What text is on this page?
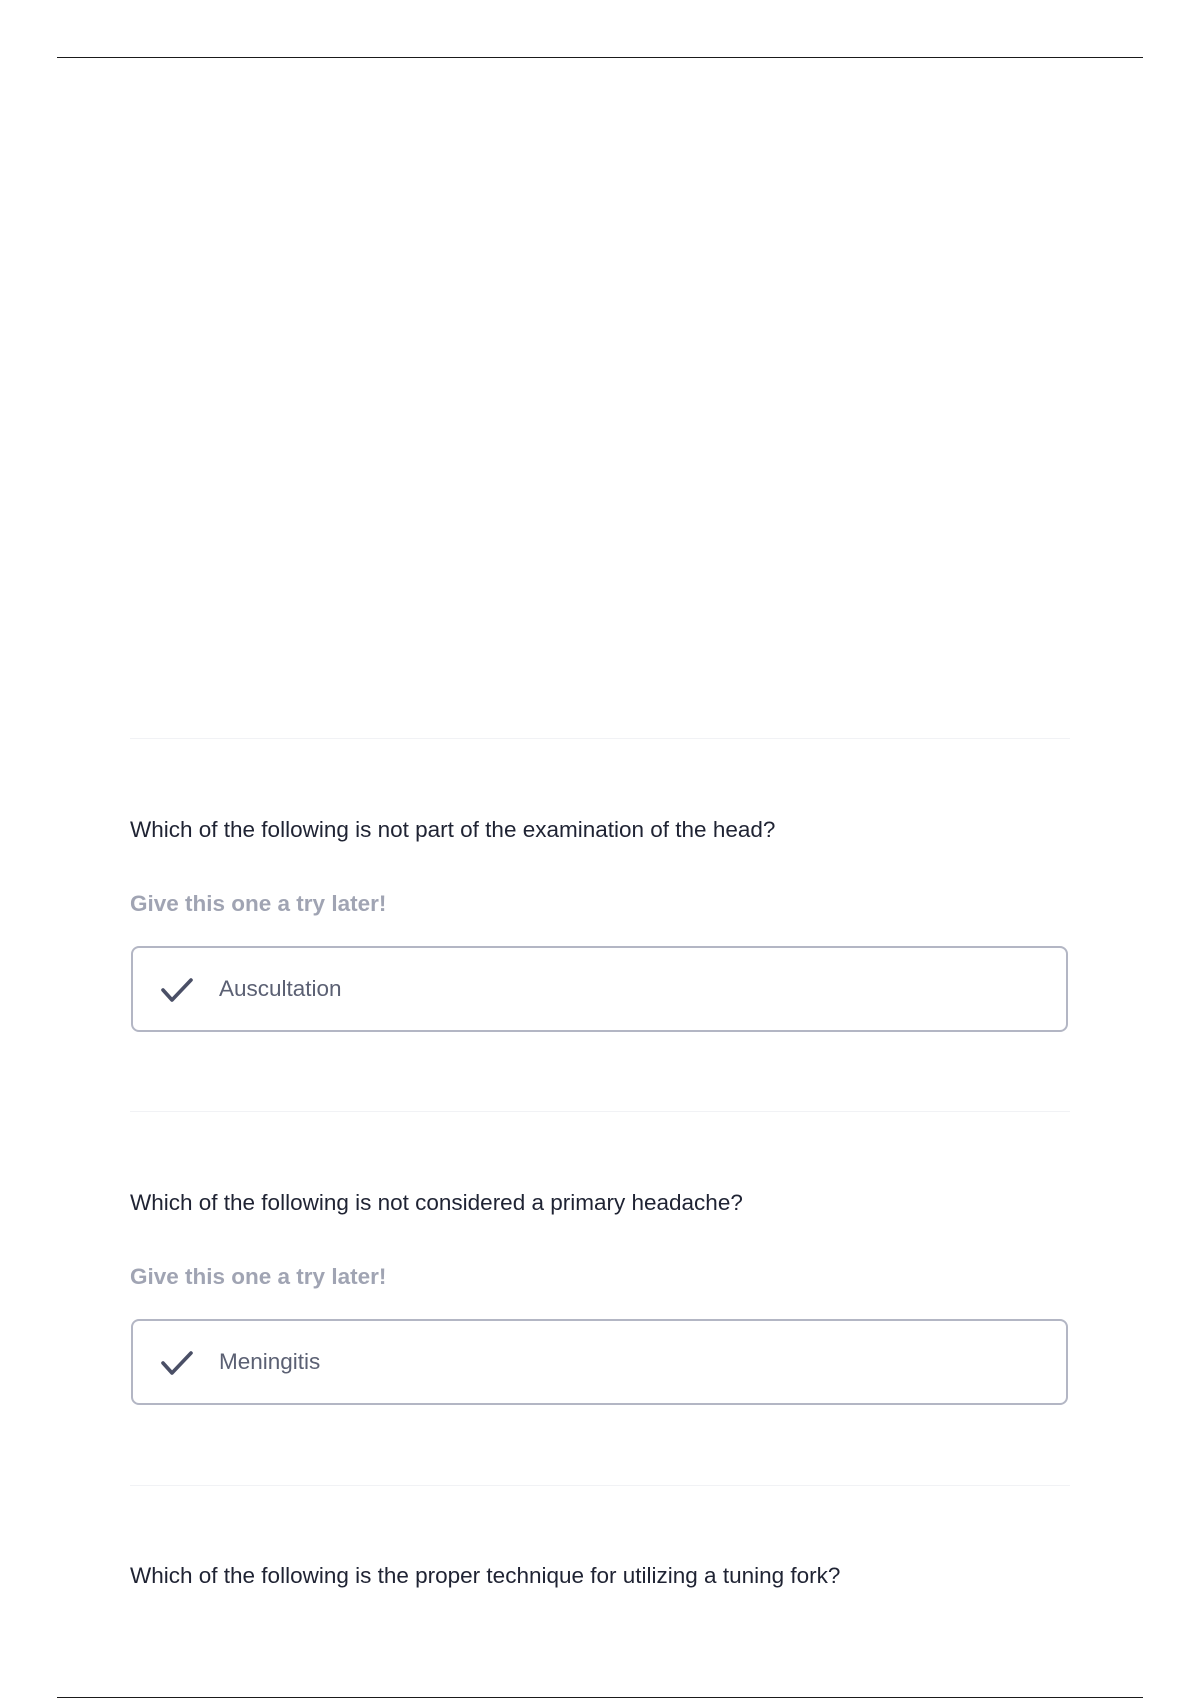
Which of the following is not part of the examination of the head?

Give this one a try later!

Auscultation

Which of the following is not considered a primary headache?

Give this one a try later!

Meningitis

Which of the following is the proper technique for utilizing a tuning fork?
